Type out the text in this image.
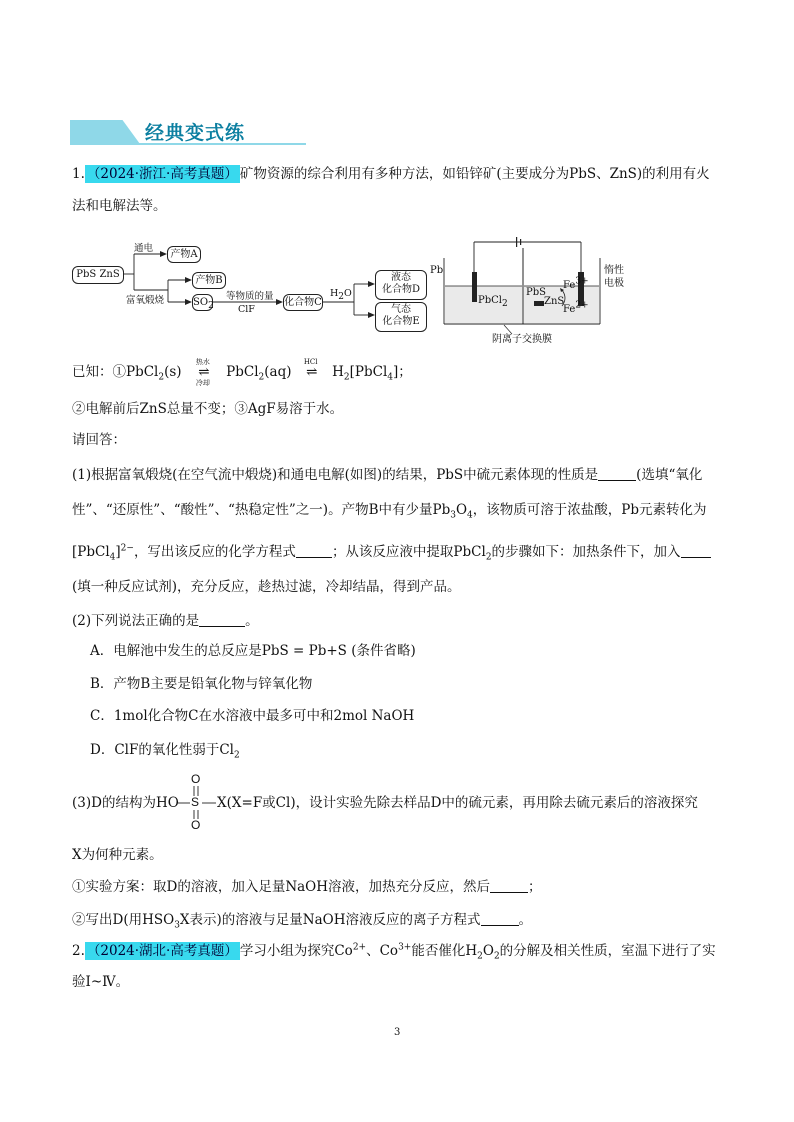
经典变式练
1. （2024·浙江·高考真题） 矿物资源的综合利用有多种方法，如铅锌矿(主要成分为PbS、ZnS)的利用有火
法和电解法等。
PbS ZnS
通电
产物A
富氧煅烧
产物B
$SO_2$
等物质的量
ClF
化合物C
$H_2O$
液态
化合物D
气态
化合物E
Pb
PbCl$_2$
PbS
ZnS
$Fe^{3+}$
$Fe^{2+}$
惰性
电极
阴离子交换膜
已知：①PbCl$_2$(s)
热水
⇌
冷却
PbCl$_2$(aq)
HCl
⇌ $H_2[PbCl_4]$；
②电解前后ZnS总量不变；③AgF易溶于水。
请回答：
(1)根据富氧煅烧(在空气流中煅烧)和通电电解(如图)的结果，PbS中硫元素体现的性质是	(选填“氧化
性”、“还原性”、“酸性”、“热稳定性”之一)。产物B中有少量$Pb_3O_4$，该物质可溶于浓盐酸，Pb元素转化为
[PbCl$_4$]$^{2-}$，写出该反应的化学方程式	；从该反应液中提取PbCl$_2$的步骤如下：加热条件下，加入
(填一种反应试剂)，充分反应，趁热过滤，冷却结晶，得到产品。
(2)下列说法正确的是	。
A．电解池中发生的总反应是PbS = Pb+S (条件省略)
B．产物B主要是铅氧化物与锌氧化物
C．1mol化合物C在水溶液中最多可中和2mol NaOH
D．ClF的氧化性弱于$Cl_2$
(3)D的结构为HO
O
O
S X(X=F或Cl)，设计实验先除去样品D中的硫元素，再用除去硫元素后的溶液探究
X为何种元素。
①实验方案：取D的溶液，加入足量NaOH溶液，加热充分反应，然后	；
②写出D(用$HSO_3X$表示)的溶液与足量NaOH溶液反应的离子方程式	。
2. （2024·湖北·高考真题） 学习小组为探究$Co^{2+}$、$Co^{3+}$能否催化$H_2O_2$的分解及相关性质，室温下进行了实
验Ⅰ~Ⅳ。
3
